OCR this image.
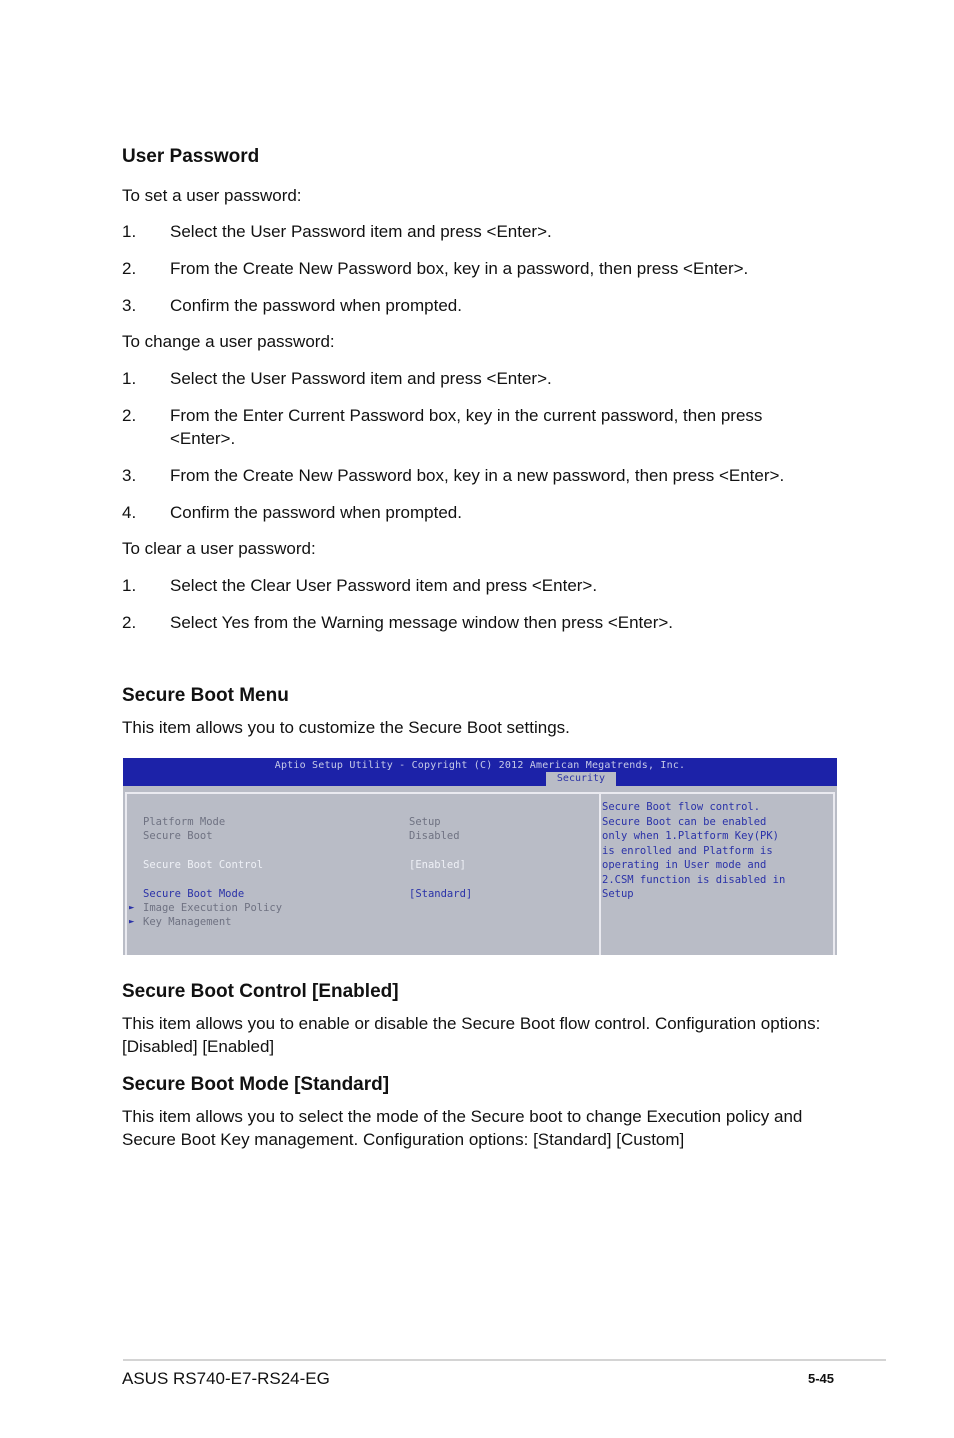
User Password
To set a user password:
1. Select the User Password item and press <Enter>.
2. From the Create New Password box, key in a password, then press <Enter>.
3. Confirm the password when prompted.
To change a user password:
1. Select the User Password item and press <Enter>.
2. From the Enter Current Password box, key in the current password, then press <Enter>.
3. From the Create New Password box, key in a new password, then press <Enter>.
4. Confirm the password when prompted.
To clear a user password:
1. Select the Clear User Password item and press <Enter>.
2. Select Yes from the Warning message window then press <Enter>.
Secure Boot Menu
This item allows you to customize the Secure Boot settings.
Aptio Setup Utility - Copyright (C) 2012 American Megatrends, Inc.
Security
Platform Mode	Setup
Secure Boot	Disabled
Secure Boot Control	[Enabled]
Secure Boot Mode	[Standard]
► Image Execution Policy
► Key Management
Secure Boot flow control.
Secure Boot can be enabled
only when 1.Platform Key(PK)
is enrolled and Platform is
operating in User mode and
2.CSM function is disabled in
Setup
Secure Boot Control [Enabled]
This item allows you to enable or disable the Secure Boot flow control. Configuration options: [Disabled] [Enabled]
Secure Boot Mode [Standard]
This item allows you to select the mode of the Secure boot to change Execution policy and Secure Boot Key management. Configuration options: [Standard] [Custom]
ASUS RS740-E7-RS24-EG	5-45
